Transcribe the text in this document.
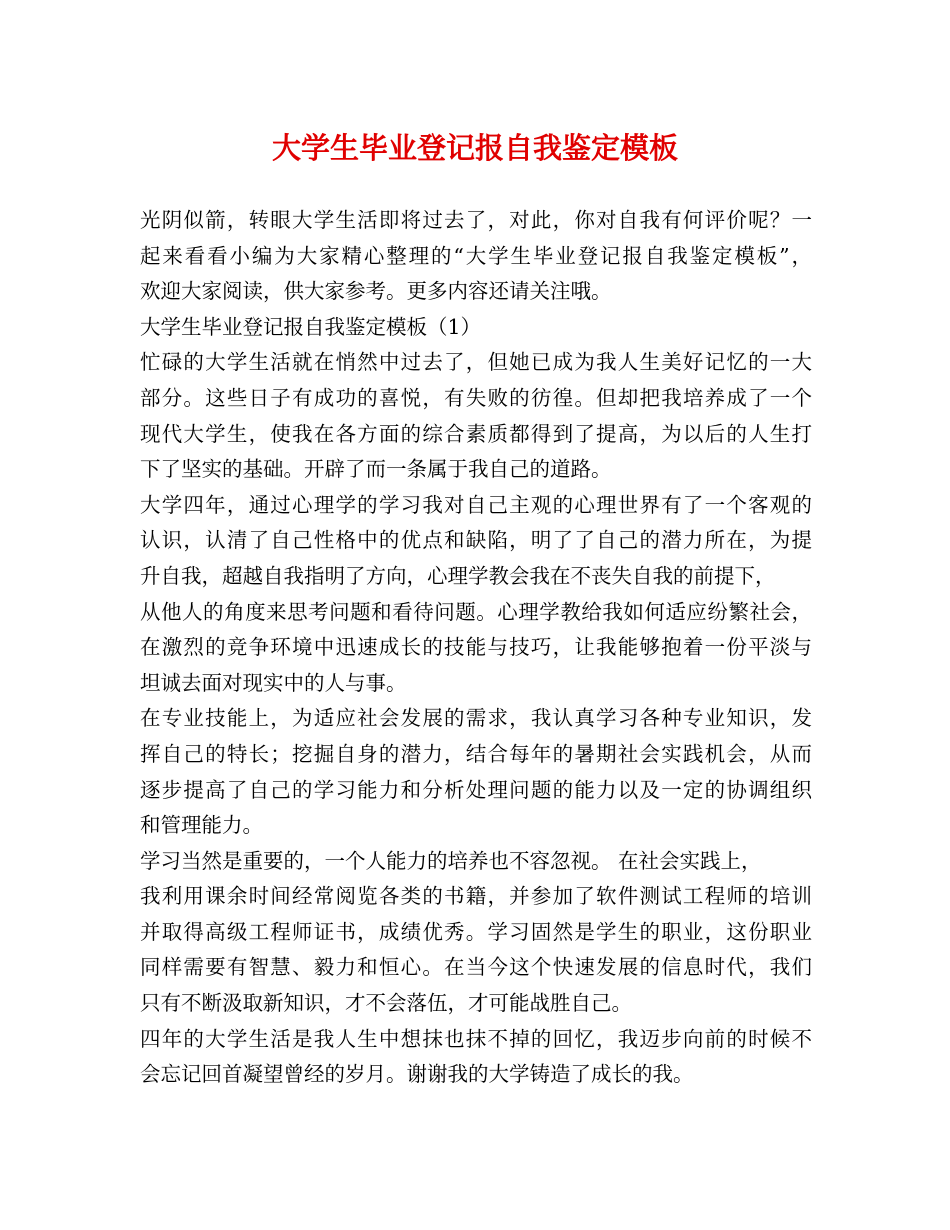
大学生毕业登记报自我鉴定模板
光阴似箭，转眼大学生活即将过去了，对此，你对自我有何评价呢？一
起来看看小编为大家精心整理的“大学生毕业登记报自我鉴定模板”，
欢迎大家阅读，供大家参考。更多内容还请关注哦。
大学生毕业登记报自我鉴定模板（1）
忙碌的大学生活就在悄然中过去了，但她已成为我人生美好记忆的一大
部分。这些日子有成功的喜悦，有失败的彷徨。但却把我培养成了一个
现代大学生，使我在各方面的综合素质都得到了提高，为以后的人生打
下了坚实的基础。开辟了而一条属于我自己的道路。
大学四年，通过心理学的学习我对自己主观的心理世界有了一个客观的
认识，认清了自己性格中的优点和缺陷，明了了自己的潜力所在，为提
升自我，超越自我指明了方向，心理学教会我在不丧失自我的前提下，
从他人的角度来思考问题和看待问题。心理学教给我如何适应纷繁社会，
在激烈的竞争环境中迅速成长的技能与技巧，让我能够抱着一份平淡与
坦诚去面对现实中的人与事。
在专业技能上，为适应社会发展的需求，我认真学习各种专业知识，发
挥自己的特长；挖掘自身的潜力，结合每年的暑期社会实践机会，从而
逐步提高了自己的学习能力和分析处理问题的能力以及一定的协调组织
和管理能力。
学习当然是重要的，一个人能力的培养也不容忽视。 在社会实践上，
我利用课余时间经常阅览各类的书籍，并参加了软件测试工程师的培训
并取得高级工程师证书，成绩优秀。学习固然是学生的职业，这份职业
同样需要有智慧、毅力和恒心。在当今这个快速发展的信息时代，我们
只有不断汲取新知识，才不会落伍，才可能战胜自己。
四年的大学生活是我人生中想抹也抹不掉的回忆，我迈步向前的时候不
会忘记回首凝望曾经的岁月。谢谢我的大学铸造了成长的我。
